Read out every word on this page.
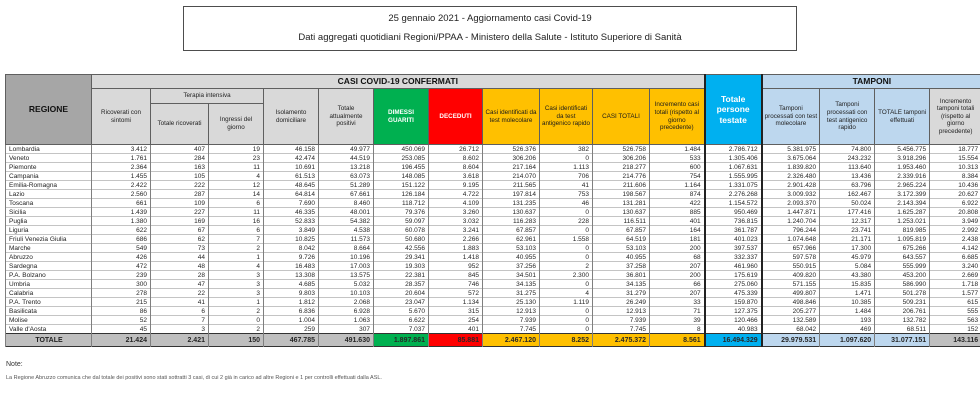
25 gennaio 2021 - Aggiornamento casi Covid-19
Dati aggregati quotidiani Regioni/PPAA - Ministero della Salute - Istituto Superiore di Sanità
REGIONE	CASI COVID-19 CONFERMATI											Totale persone testate	TAMPONI			
	Ricoverati con sintomi	Terapia intensiva		Isolamento domiciliare	Totale attualmente positivi	DIMESSI GUARITI	DECEDUTI	Casi identificati da test molecolare	Casi identificati da test antigenico rapido	CASI TOTALI	Incremento casi totali (rispetto al giorno precedente)		Tamponi processati con test molecolare	Tamponi processati con test antigenico rapido	TOTALE tamponi effettuati	Incremento tamponi totali (rispetto al giorno precedente)
		Totale ricoverati	Ingressi del giorno													
Lombardia	3.412	407	19	46.158	49.977	450.069	26.712	526.376	382	526.758	1.484	2.786.712	5.381.975	74.800	5.456.775	18.777
Veneto	1.761	284	23	42.474	44.519	253.085	8.602	306.206	0	306.206	533	1.305.406	3.675.064	243.232	3.918.296	15.554
Piemonte	2.364	163	11	10.691	13.218	196.455	8.604	217.164	1.113	218.277	600	1.067.631	1.839.820	113.640	1.953.460	10.313
Campania	1.455	105	4	61.513	63.073	148.085	3.618	214.070	706	214.776	754	1.555.995	2.326.480	13.436	2.339.916	8.384
Emilia-Romagna	2.422	222	12	48.645	51.289	151.122	9.195	211.565	41	211.606	1.164	1.331.075	2.901.428	63.796	2.965.224	10.436
Lazio	2.560	287	14	64.814	67.661	126.184	4.722	197.814	753	198.567	874	2.276.268	3.009.932	162.467	3.172.399	20.627
Toscana	661	109	6	7.690	8.460	118.712	4.109	131.235	46	131.281	422	1.154.572	2.093.370	50.024	2.143.394	6.922
Sicilia	1.439	227	11	46.335	48.001	79.376	3.260	130.637	0	130.637	885	950.469	1.447.871	177.416	1.625.287	20.808
Puglia	1.380	169	16	52.833	54.382	59.097	3.032	116.283	228	116.511	401	736.815	1.240.704	12.317	1.253.021	3.949
Liguria	622	67	6	3.849	4.538	60.078	3.241	67.857	0	67.857	164	361.787	796.244	23.741	819.985	2.992
Friuli Venezia Giulia	686	62	7	10.825	11.573	50.680	2.266	62.961	1.558	64.519	181	401.023	1.074.648	21.171	1.095.819	2.438
Marche	549	73	2	8.042	8.664	42.556	1.883	53.103	0	53.103	200	397.537	657.966	17.300	675.266	4.142
Abruzzo	426	44	1	9.726	10.196	29.341	1.418	40.955	0	40.955	68	332.337	597.578	45.979	643.557	6.685
Sardegna	472	48	4	16.483	17.003	19.303	952	37.256	2	37.258	207	461.960	550.915	5.084	555.999	3.240
P.A. Bolzano	239	28	3	13.308	13.575	22.381	845	34.501	2.300	36.801	200	175.619	409.820	43.380	453.200	2.669
Umbria	300	47	3	4.685	5.032	28.357	746	34.135	0	34.135	66	275.060	571.155	15.835	586.990	1.718
Calabria	278	22	3	9.803	10.103	20.604	572	31.275	4	31.279	207	475.339	499.807	1.471	501.278	1.577
P.A. Trento	215	41	1	1.812	2.068	23.047	1.134	25.130	1.119	26.249	33	159.870	498.846	10.385	509.231	615
Basilicata	86	6	2	6.836	6.928	5.670	315	12.913	0	12.913	71	127.375	205.277	1.484	206.761	555
Molise	52	7	0	1.004	1.063	6.622	254	7.939	0	7.939	39	120.466	132.589	193	132.782	563
Valle d'Aosta	45	3	2	259	307	7.037	401	7.745	0	7.745	8	40.983	68.042	469	68.511	152
TOTALE	21.424	2.421	150	467.785	491.630	1.897.861	85.881	2.467.120	8.252	2.475.372	8.561	16.494.329	29.979.531	1.097.620	31.077.151	143.116
Note:
La Regione Abruzzo comunica che dal totale dei positivi sono stati sottratti 3 casi, di cui 2 già in carico ad altre Regioni e 1 per controlli effettuati dalla ASL.
